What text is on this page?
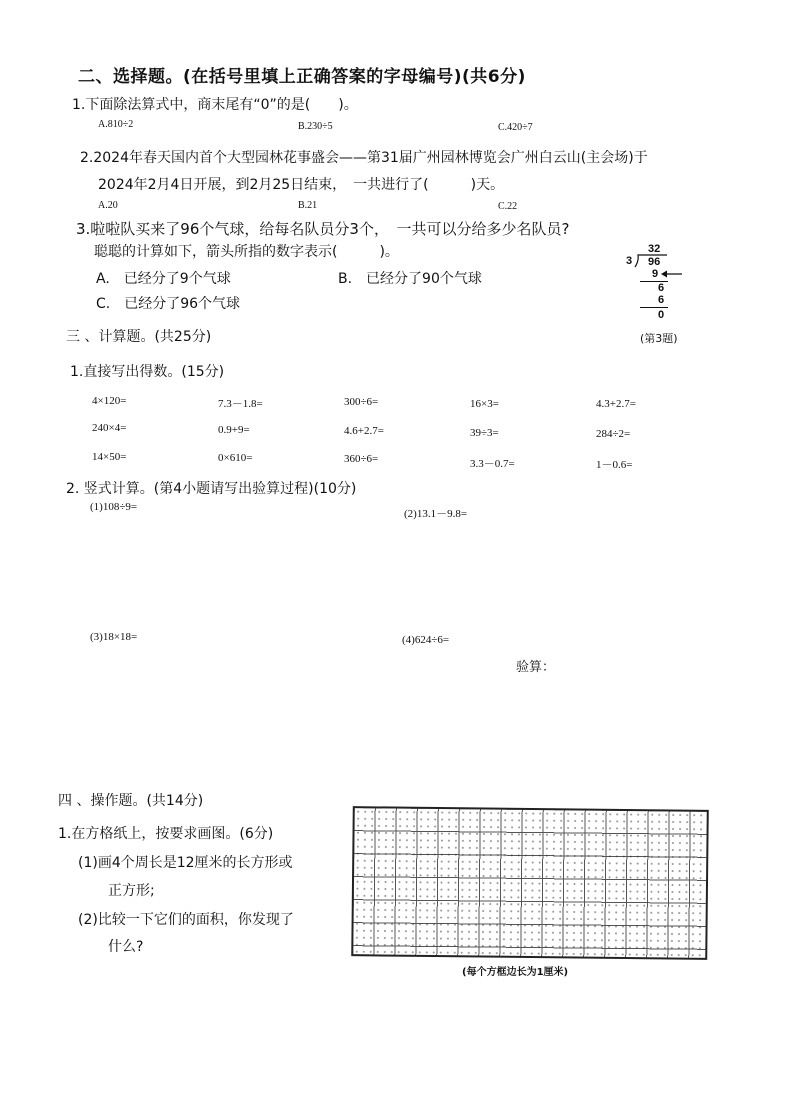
二、选择题。(在括号里填上正确答案的字母编号)(共6分)
1.下面除法算式中，商末尾有“0”的是(　　)。
A.810÷2	B.230÷5	C.420÷7
2.2024年春天国内首个大型园林花事盛会——第31届广州园林博览会广州白云山(主会场)于
2024年2月4日开展，到2月25日结束，　一共进行了(　　　)天。
A.20	B.21	C.22
3.啦啦队买来了96个气球，给每名队员分3个，　一共可以分给多少名队员?
聪聪的计算如下，箭头所指的数字表示(　　　)。
A.　已经分了9个气球	B.　已经分了90个气球
C.　已经分了96个气球
32
3 96
9
6
6
0
(第3题)
三 、计算题。(共25分)
1.直接写出得数。(15分)
4×120=	7.3－1.8=	300÷6=	16×3=	4.3+2.7=
240×4=	0.9+9=	4.6+2.7=	39÷3=	284÷2=
14×50=	0×610=	360÷6=	3.3－0.7=	1－0.6=
2. 竖式计算。(第4小题请写出验算过程)(10分)
(1)108÷9=
(2)13.1－9.8=
(3)18×18=	(4)624÷6=
验算：
四 、操作题。(共14分)
1.在方格纸上，按要求画图。(6分)
(1)画4个周长是12厘米的长方形或
正方形;
(2)比较一下它们的面积，你发现了
什么?
(每个方框边长为1厘米)
